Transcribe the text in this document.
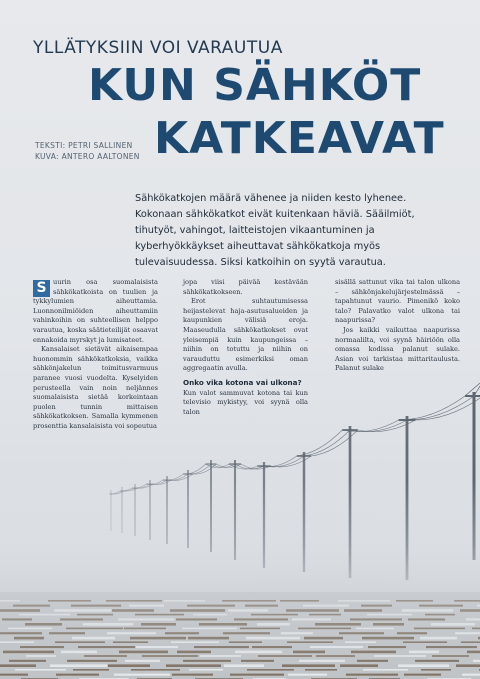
YLLÄTYKSIIN VOI VARAUTUA
KUN SÄHKÖT
KATKEAVAT
TEKSTI: PETRI SALLINEN
KUVA: ANTERO AALTONEN
Sähkökatkojen määrä vähenee ja niiden kesto lyhenee. Kokonaan sähkökatkot eivät kuitenkaan häviä. Sääilmiöt, tihutyöt, vahingot, laitteistojen vikaantuminen ja kyberhyökkäykset aiheuttavat sähkökatkoja myös tulevaisuudessa. Siksi katkoihin on syytä varautua.

S uurin osa suomalaisista sähkökatkoista on tuulien ja tykkylumien aiheuttamia. Luonnonilmiöiden aiheuttamiin vahinkoihin on suhteellisen helppo varautua, koska säätieteilijät osaavat ennakoida myrskyt ja lumisateet.

Kansalaiset sietävät aikaisempaa huonommin sähkökatkoksia, vaikka sähkönjakelun toimitusvarmuus paranee vuosi vuodelta. Kyselyiden perusteella vain noin neljännes suomalaisista sietää korkeintaan puolen tunnin mittaisen sähkökatkoksen. Samalla kymmenen prosenttia kansalaisista voi sopeutua

jopa viisi päivää kestävään sähkökatkokseen.

Erot suhtautumisessa heijastelevat haja-asutusalueiden ja kaupunkien välisiä eroja. Maaseudulla sähkökatkokset ovat yleisempiä kuin kaupungeissa – niihin on totuttu ja niihin on varauduttu esimerkiksi oman aggregaatin avulla.

Onko vika kotona vai ulkona?

Kun valot sammuvat kotona tai kun televisio mykistyy, voi syynä olla talon

sisällä sattunut vika tai talon ulkona – sähkönjakelujärjestelmässä – tapahtunut vaurio. Pimenikö koko talo? Palavatko valot ulkona tai naapurissa?

Jos kaikki vaikuttaa naapurissa normaalilta, voi syynä häiriöön olla omassa kodissa palanut sulake. Asian voi tarkistaa mittaritaulusta. Palanut sulake
